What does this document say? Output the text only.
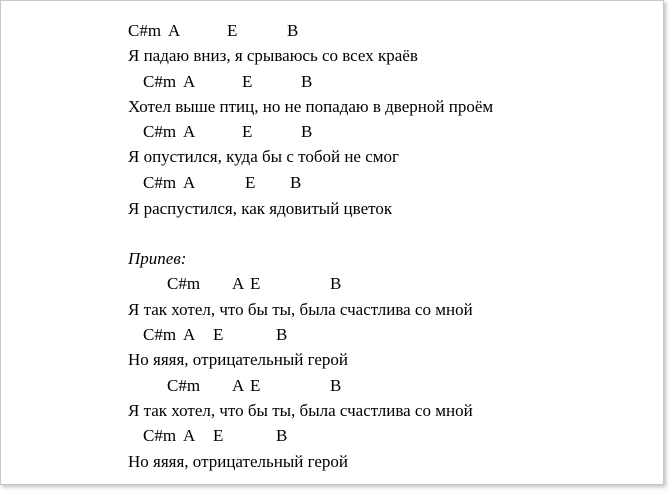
C#m A	E	B
Я падаю вниз, я срываюсь со всех краёв
C#m A	E	B
Хотел выше птиц, но не попадаю в дверной проём
C#m A	E	B
Я опустился, куда бы с тобой не смог
C#m A	E B
Я распустился, как ядовитый цветок
Припев:
C#m A E	B
Я так хотел, что бы ты, была счастлива со мной
C#m A E	B
Но яяяя, отрицательный герой
C#m A E	B
Я так хотел, что бы ты, была счастлива со мной
C#m A E	B
Но яяяя, отрицательный герой
